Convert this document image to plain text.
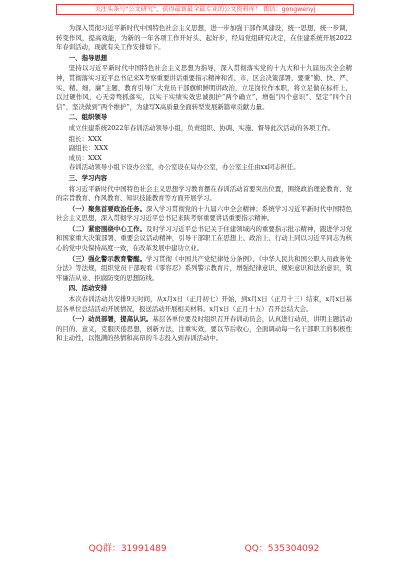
关注头条号"公文研究"，获得最新最全最专业的公文资料库！ 微信：gongwenyj

为深入贯彻习近平新时代中国特色社会主义思想，进一步加强干部作风建设，统一思想，统一步调，转变作风，提高效能，为新的一年各项工作开好头、起好步，经局党组研究决定，在住建系统开展2022年春训活动，现就有关工作安排如下。

一、指导思想

坚持以习近平新时代中国特色社会主义思想为指导，深入贯彻落实党的十九大和十九届历次全会精神，贯彻落实习近平总书记来X考察重要讲话重要指示精神和省、市、区会决策部署，要秉“勤、快、严、实、精、细、廉”主题，教育引导广大党员干部旗帜鲜明讲政治，立足岗位作本职，将立足做在标杆上，以过硬作风，心无旁骛抓落实，以实干实绩实效忠诚拥护“两个确立”，增强“四个意识”、坚定“四个自信”、坚决做到“两个维护”，为建写X高质量全面转型发展新篇章贡献力量。

二、组织领导

成立住建系统2022年春训活动领导小组，负责组织、协调、实施、督导此次活动的各项工作。

组长：XXX

副组长：XXX

成员：XXX

春训活动领导小组下设办公室，办公室设在局办公室，办公室主任由xx同志担任。

三、学习内容

将习近平新时代中国特色社会主义思想学习教育摆在春训活动首要突出位置，围绕政治理论教育、党的宗旨教育、作风教育、知识技能教育等方面开展学习。

（一）聚焦首要政治任务。深入学习贯彻党的十九届六中全会精神；系统学习习近平新时代中国特色社会主义思想，深入贯彻学习习近平总书记来陕考察重要讲话重要指示精神。

（二）紧密围绕中心工作。及时学习习近平总书记关于住建领域内的重要指示批示精神，跟进学习党和国家重大决策部署、重要会议活动精神，引导干部职工在思想上、政治上、行动上同以习近平同志为核心的党中央保持高度一致，在改革发展中建功立业。

（三）强化警示教育警醒。学习贯彻《中国共产党纪律处分条例》、《中华人民共和国公职人员政务处分法》等法规，组织党员干部观看《零容忍》系列警示教育片，增强纪律意识、规矩意识和法治意识，筑牢廉洁从业、拒腐防变的思想防线。

四、活动安排

本次春训活动共安排9天时间，从x月x日（正月初七）开始，到x月x日（正月十三）结束，x月x日基层各单位总结活动开展情况，报送活动开展相关材料。x月x日（正月十五）召开总结大会。

（一）动员部署，提高认识。基层各单位要及时组织召开春训动员会，认真进行动员，讲明主题活动的目的、意义，克服厌倦思想，创新方法，注重实效，要以节后收心，全面调动每一名干部职工的积极性和主动性，以饱满的热情和高昂的斗志投入到春训活动中。

QQ群：31991489	QQ：535304092
